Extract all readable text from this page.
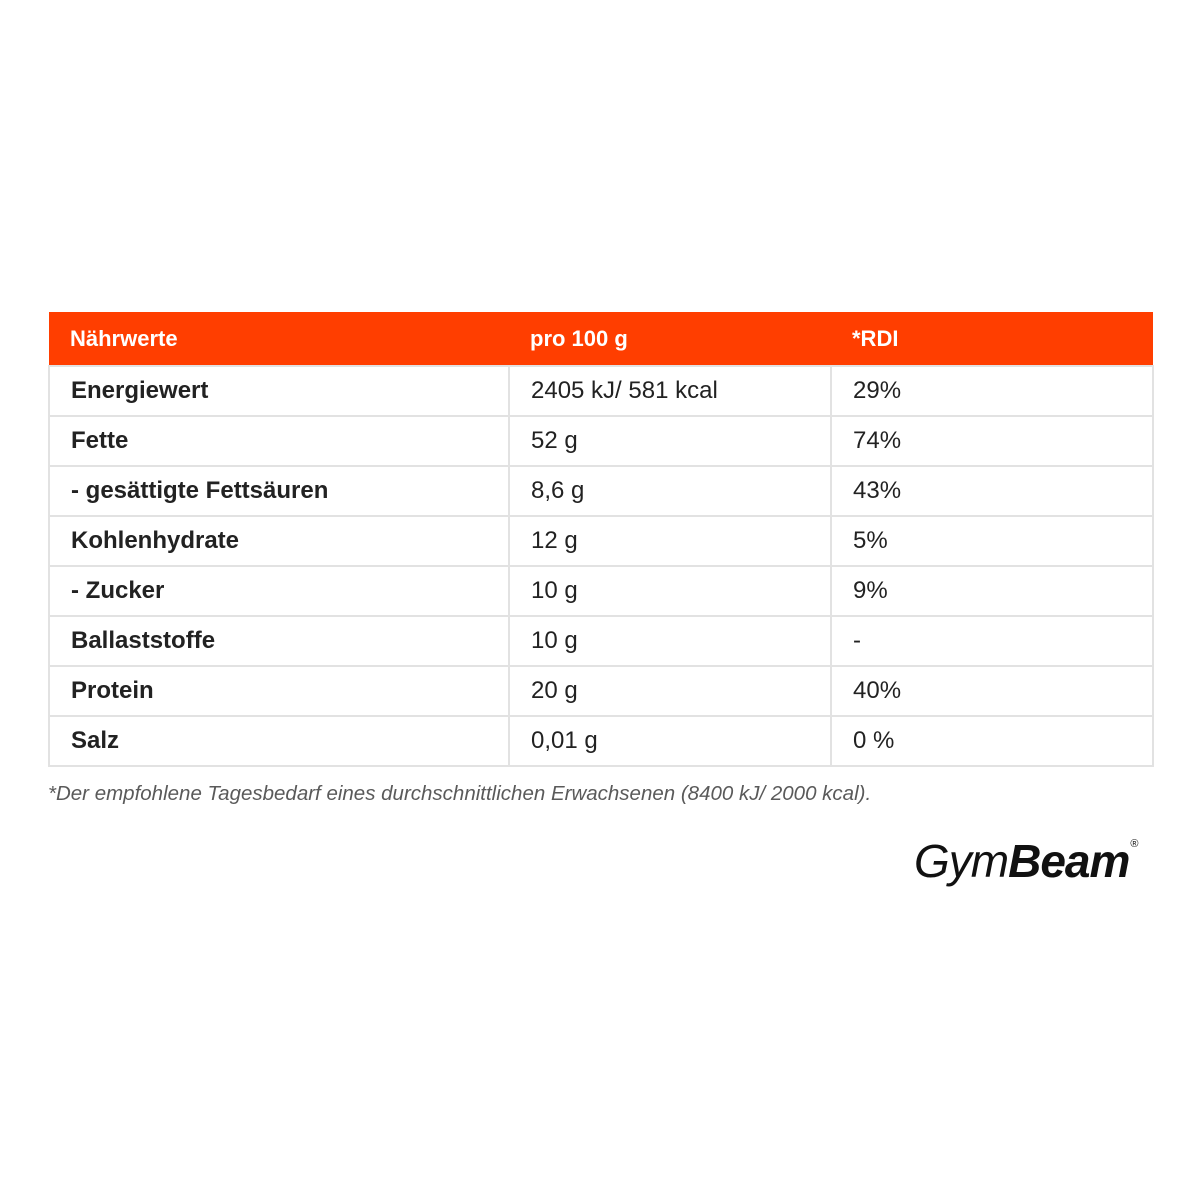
Nährwerte	pro 100 g	*RDI
Energiewert	2405 kJ/ 581 kcal	29%
Fette	52 g	74%
- gesättigte Fettsäuren	8,6 g	43%
Kohlenhydrate	12 g	5%
- Zucker	10 g	9%
Ballaststoffe	10 g	-
Protein	20 g	40%
Salz	0,01 g	0 %

*Der empfohlene Tagesbedarf eines durchschnittlichen Erwachsenen (8400 kJ/ 2000 kcal).

GymBeam®
